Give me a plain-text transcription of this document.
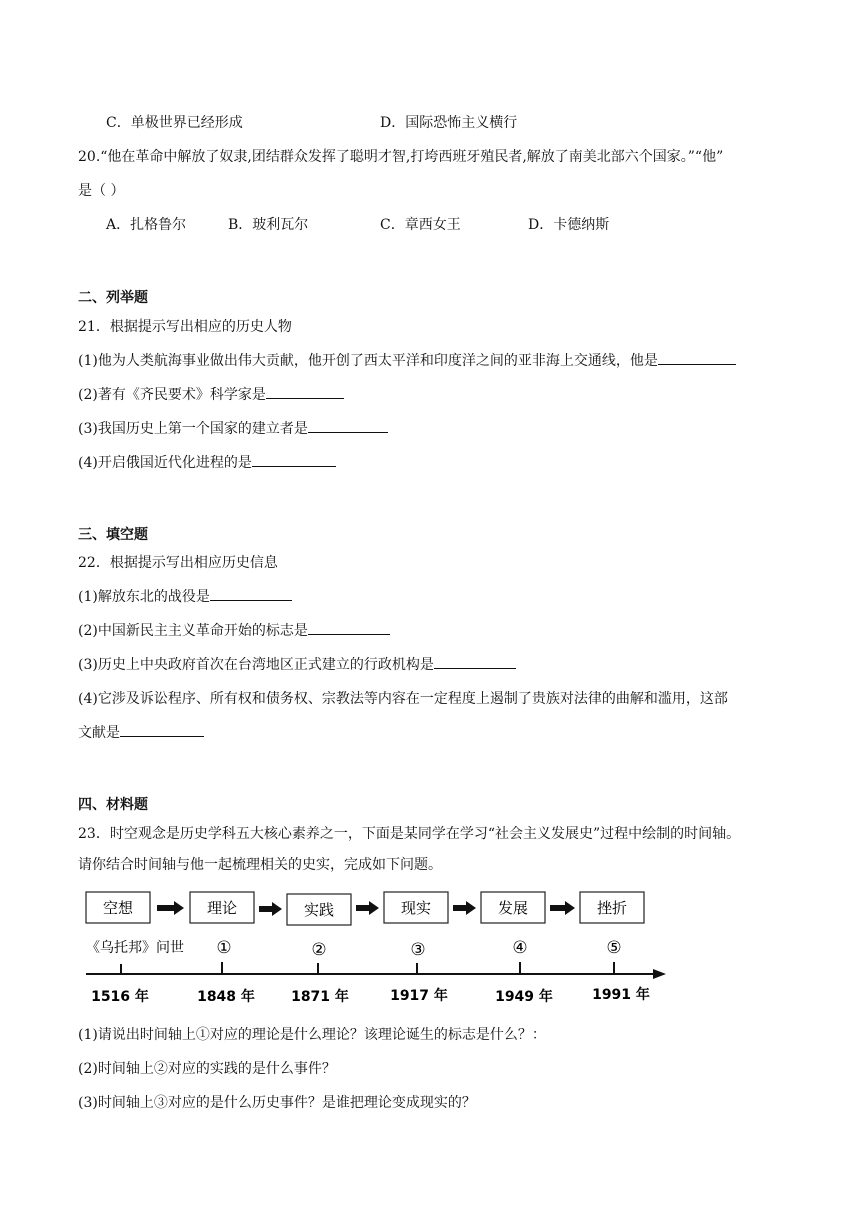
C．单极世界已经形成	D．国际恐怖主义横行
20.“他在革命中解放了奴隶,团结群众发挥了聪明才智,打垮西班牙殖民者,解放了南美北部六个国家。”“他”
是（ ）
A．扎格鲁尔	B．玻利瓦尔	C．章西女王	D．卡德纳斯
二、列举题
21．根据提示写出相应的历史人物
(1)他为人类航海事业做出伟大贡献，他开创了西太平洋和印度洋之间的亚非海上交通线，他是
(2)著有《齐民要术》科学家是
(3)我国历史上第一个国家的建立者是
(4)开启俄国近代化进程的是
三、填空题
22．根据提示写出相应历史信息
(1)解放东北的战役是
(2)中国新民主主义革命开始的标志是
(3)历史上中央政府首次在台湾地区正式建立的行政机构是
(4)它涉及诉讼程序、所有权和债务权、宗教法等内容在一定程度上遏制了贵族对法律的曲解和滥用，这部
文献是
四、材料题
23．时空观念是历史学科五大核心素养之一，下面是某同学在学习“社会主义发展史”过程中绘制的时间轴。
请你结合时间轴与他一起梳理相关的史实，完成如下问题。
空想	理论	实践	现实	发展	挫折
《乌托邦》问世 ①	②	③	④	⑤
1516 年	1848 年	1871 年	1917 年	1949 年	1991 年
(1)请说出时间轴上①对应的理论是什么理论？该理论诞生的标志是什么？：
(2)时间轴上②对应的实践的是什么事件？
(3)时间轴上③对应的是什么历史事件？是谁把理论变成现实的？
